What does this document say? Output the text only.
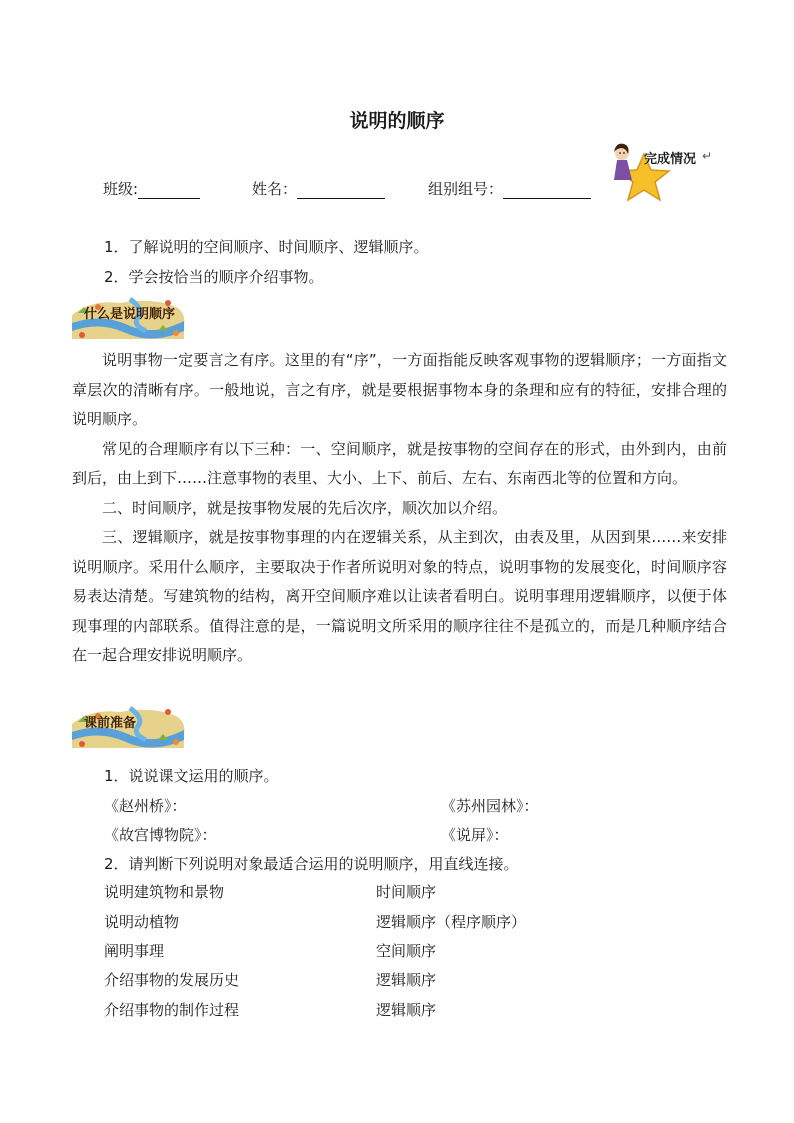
说明的顺序
班级:	姓名：	组别组号：
完成情况 ↵
1．了解说明的空间顺序、时间顺序、逻辑顺序。
2．学会按恰当的顺序介绍事物。
什么是说明顺序

说明事物一定要言之有序。这里的有“序”，一方面指能反映客观事物的逻辑顺序；一方面指文章层次的清晰有序。一般地说，言之有序，就是要根据事物本身的条理和应有的特征，安排合理的说明顺序。

常见的合理顺序有以下三种：一、空间顺序，就是按事物的空间存在的形式，由外到内，由前到后，由上到下……注意事物的表里、大小、上下、前后、左右、东南西北等的位置和方向。

二、时间顺序，就是按事物发展的先后次序，顺次加以介绍。

三、逻辑顺序，就是按事物事理的内在逻辑关系，从主到次，由表及里，从因到果……来安排说明顺序。采用什么顺序，主要取决于作者所说明对象的特点，说明事物的发展变化，时间顺序容易表达清楚。写建筑物的结构，离开空间顺序难以让读者看明白。说明事理用逻辑顺序，以便于体现事理的内部联系。值得注意的是，一篇说明文所采用的顺序往往不是孤立的，而是几种顺序结合在一起合理安排说明顺序。

课前准备
1．说说课文运用的顺序。
《赵州桥》：	《苏州园林》：
《故宫博物院》：	《说屏》：
2．请判断下列说明对象最适合运用的说明顺序，用直线连接。
说明建筑物和景物	时间顺序
说明动植物	逻辑顺序（程序顺序）
阐明事理	空间顺序
介绍事物的发展历史	逻辑顺序
介绍事物的制作过程	逻辑顺序
